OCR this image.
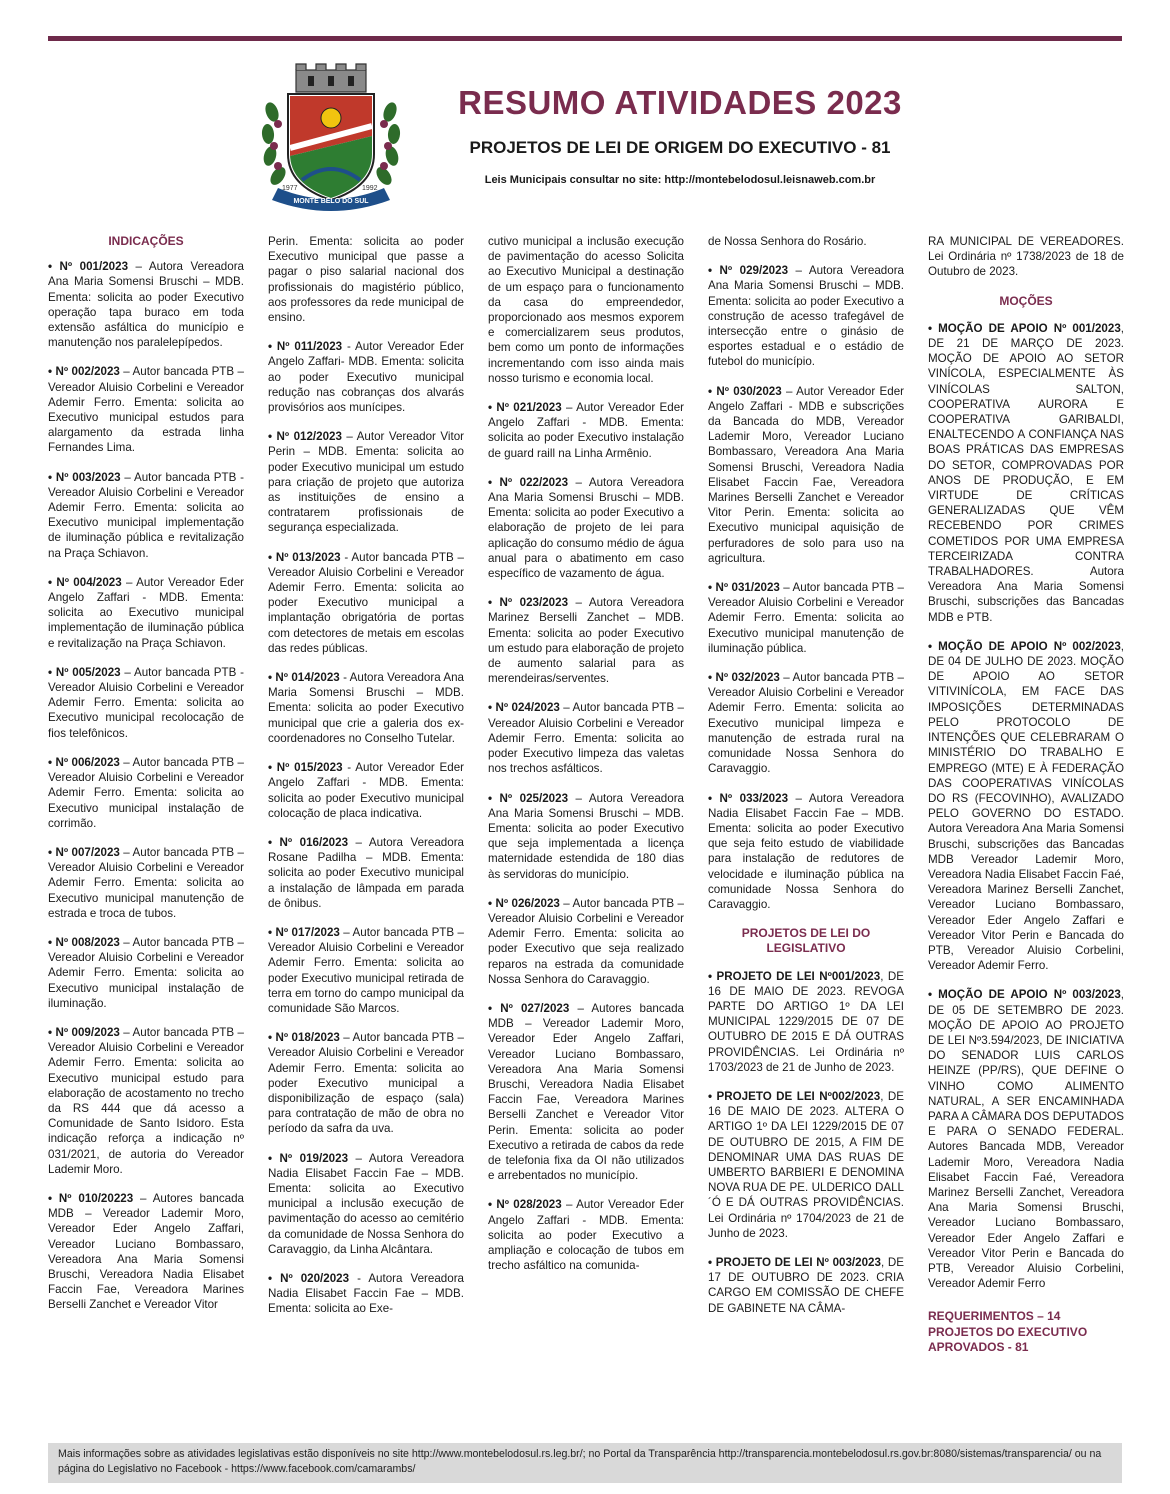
1977	1992
MONTE BELO DO SUL
RESUMO ATIVIDADES 2023
PROJETOS DE LEI DE ORIGEM DO EXECUTIVO - 81
Leis Municipais consultar no site: http://montebelodosul.leisnaweb.com.br
INDICAÇÕES
• Nº 001/2023 – Autora Vereadora Ana Maria Somensi Bruschi – MDB. Ementa: solicita ao poder Executivo operação tapa buraco em toda extensão asfáltica do município e manutenção nos paralelepípedos.
• Nº 002/2023 – Autor bancada PTB – Vereador Aluisio Corbelini e Vereador Ademir Ferro. Ementa: solicita ao Executivo municipal estudos para alargamento da estrada linha Fernandes Lima.
• Nº 003/2023 – Autor bancada PTB - Vereador Aluisio Corbelini e Vereador Ademir Ferro. Ementa: solicita ao Executivo municipal implementação de iluminação pública e revitalização na Praça Schiavon.
• Nº 004/2023 – Autor Vereador Eder Angelo Zaffari - MDB. Ementa: solicita ao Executivo municipal implementação de iluminação pública e revitalização na Praça Schiavon.
• Nº 005/2023 – Autor bancada PTB - Vereador Aluisio Corbelini e Vereador Ademir Ferro. Ementa: solicita ao Executivo municipal recolocação de fios telefônicos.
• Nº 006/2023 – Autor bancada PTB – Vereador Aluisio Corbelini e Vereador Ademir Ferro. Ementa: solicita ao Executivo municipal instalação de corrimão.
• Nº 007/2023 – Autor bancada PTB – Vereador Aluisio Corbelini e Vereador Ademir Ferro. Ementa: solicita ao Executivo municipal manutenção de estrada e troca de tubos.
• Nº 008/2023 – Autor bancada PTB – Vereador Aluisio Corbelini e Vereador Ademir Ferro. Ementa: solicita ao Executivo municipal instalação de iluminação.
• Nº 009/2023 – Autor bancada PTB – Vereador Aluisio Corbelini e Vereador Ademir Ferro. Ementa: solicita ao Executivo municipal estudo para elaboração de acostamento no trecho da RS 444 que dá acesso a Comunidade de Santo Isidoro. Esta indicação reforça a indicação nº 031/2021, de autoria do Vereador Lademir Moro.
• Nº 010/20223 – Autores bancada MDB – Vereador Lademir Moro, Vereador Eder Angelo Zaffari, Vereador Luciano Bombassaro, Vereadora Ana Maria Somensi Bruschi, Vereadora Nadia Elisabet Faccin Fae, Vereadora Marines Berselli Zanchet e Vereador Vitor
Perin. Ementa: solicita ao poder Executivo municipal que passe a pagar o piso salarial nacional dos profissionais do magistério público, aos professores da rede municipal de ensino.
• Nº 011/2023 - Autor Vereador Eder Angelo Zaffari- MDB. Ementa: solicita ao poder Executivo municipal redução nas cobranças dos alvarás provisórios aos munícipes.
• Nº 012/2023 – Autor Vereador Vitor Perin – MDB. Ementa: solicita ao poder Executivo municipal um estudo para criação de projeto que autoriza as instituições de ensino a contratarem profissionais de segurança especializada.
• Nº 013/2023 - Autor bancada PTB – Vereador Aluisio Corbelini e Vereador Ademir Ferro. Ementa: solicita ao poder Executivo municipal a implantação obrigatória de portas com detectores de metais em escolas das redes públicas.
• Nº 014/2023 - Autora Vereadora Ana Maria Somensi Bruschi – MDB. Ementa: solicita ao poder Executivo municipal que crie a galeria dos ex-coordenadores no Conselho Tutelar.
• Nº 015/2023 - Autor Vereador Eder Angelo Zaffari - MDB. Ementa: solicita ao poder Executivo municipal colocação de placa indicativa.
• Nº 016/2023 – Autora Vereadora Rosane Padilha – MDB. Ementa: solicita ao poder Executivo municipal a instalação de lâmpada em parada de ônibus.
• Nº 017/2023 – Autor bancada PTB – Vereador Aluisio Corbelini e Vereador Ademir Ferro. Ementa: solicita ao poder Executivo municipal retirada de terra em torno do campo municipal da comunidade São Marcos.
• Nº 018/2023 – Autor bancada PTB – Vereador Aluisio Corbelini e Vereador Ademir Ferro. Ementa: solicita ao poder Executivo municipal a disponibilização de espaço (sala) para contratação de mão de obra no período da safra da uva.
• Nº 019/2023 – Autora Vereadora Nadia Elisabet Faccin Fae – MDB. Ementa: solicita ao Executivo municipal a inclusão execução de pavimentação do acesso ao cemitério da comunidade de Nossa Senhora do Caravaggio, da Linha Alcântara.
• Nº 020/2023 - Autora Vereadora Nadia Elisabet Faccin Fae – MDB. Ementa: solicita ao Exe-
cutivo municipal a inclusão execução de pavimentação do acesso Solicita ao Executivo Municipal a destinação de um espaço para o funcionamento da casa do empreendedor, proporcionado aos mesmos exporem e comercializarem seus produtos, bem como um ponto de informações incrementando com isso ainda mais nosso turismo e economia local.
• Nº 021/2023 – Autor Vereador Eder Angelo Zaffari - MDB. Ementa: solicita ao poder Executivo instalação de guard raill na Linha Armênio.
• Nº 022/2023 – Autora Vereadora Ana Maria Somensi Bruschi – MDB. Ementa: solicita ao poder Executivo a elaboração de projeto de lei para aplicação do consumo médio de água anual para o abatimento em caso específico de vazamento de água.
• Nº 023/2023 – Autora Vereadora Marinez Berselli Zanchet – MDB. Ementa: solicita ao poder Executivo um estudo para elaboração de projeto de aumento salarial para as merendeiras/serventes.
• Nº 024/2023 – Autor bancada PTB – Vereador Aluisio Corbelini e Vereador Ademir Ferro. Ementa: solicita ao poder Executivo limpeza das valetas nos trechos asfálticos.
• Nº 025/2023 – Autora Vereadora Ana Maria Somensi Bruschi – MDB. Ementa: solicita ao poder Executivo que seja implementada a licença maternidade estendida de 180 dias às servidoras do município.
• Nº 026/2023 – Autor bancada PTB – Vereador Aluisio Corbelini e Vereador Ademir Ferro. Ementa: solicita ao poder Executivo que seja realizado reparos na estrada da comunidade Nossa Senhora do Caravaggio.
• Nº 027/2023 – Autores bancada MDB – Vereador Lademir Moro, Vereador Eder Angelo Zaffari, Vereador Luciano Bombassaro, Vereadora Ana Maria Somensi Bruschi, Vereadora Nadia Elisabet Faccin Fae, Vereadora Marines Berselli Zanchet e Vereador Vitor Perin. Ementa: solicita ao poder Executivo a retirada de cabos da rede de telefonia fixa da OI não utilizados e arrebentados no município.
• Nº 028/2023 – Autor Vereador Eder Angelo Zaffari - MDB. Ementa: solicita ao poder Executivo a ampliação e colocação de tubos em trecho asfáltico na comunida-
de Nossa Senhora do Rosário.
• Nº 029/2023 – Autora Vereadora Ana Maria Somensi Bruschi – MDB. Ementa: solicita ao poder Executivo a construção de acesso trafegável de intersecção entre o ginásio de esportes estadual e o estádio de futebol do município.
• Nº 030/2023 – Autor Vereador Eder Angelo Zaffari - MDB e subscrições da Bancada do MDB, Vereador Lademir Moro, Vereador Luciano Bombassaro, Vereadora Ana Maria Somensi Bruschi, Vereadora Nadia Elisabet Faccin Fae, Vereadora Marines Berselli Zanchet e Vereador Vitor Perin. Ementa: solicita ao Executivo municipal aquisição de perfuradores de solo para uso na agricultura.
• Nº 031/2023 – Autor bancada PTB – Vereador Aluisio Corbelini e Vereador Ademir Ferro. Ementa: solicita ao Executivo municipal manutenção de iluminação pública.
• Nº 032/2023 – Autor bancada PTB – Vereador Aluisio Corbelini e Vereador Ademir Ferro. Ementa: solicita ao Executivo municipal limpeza e manutenção de estrada rural na comunidade Nossa Senhora do Caravaggio.
• Nº 033/2023 – Autora Vereadora Nadia Elisabet Faccin Fae – MDB. Ementa: solicita ao poder Executivo que seja feito estudo de viabilidade para instalação de redutores de velocidade e iluminação pública na comunidade Nossa Senhora do Caravaggio.
PROJETOS DE LEI DO LEGISLATIVO
• PROJETO DE LEI Nº001/2023, DE 16 DE MAIO DE 2023. REVOGA PARTE DO ARTIGO 1º DA LEI MUNICIPAL 1229/2015 DE 07 DE OUTUBRO DE 2015 E DÁ OUTRAS PROVIDÊNCIAS. Lei Ordinária nº 1703/2023 de 21 de Junho de 2023.
• PROJETO DE LEI Nº002/2023, DE 16 DE MAIO DE 2023. ALTERA O ARTIGO 1º DA LEI 1229/2015 DE 07 DE OUTUBRO DE 2015, A FIM DE DENOMINAR UMA DAS RUAS DE UMBERTO BARBIERI E DENOMINA NOVA RUA DE PE. ULDERICO DALL´Ó E DÁ OUTRAS PROVIDÊNCIAS. Lei Ordinária nº 1704/2023 de 21 de Junho de 2023.
• PROJETO DE LEI Nº 003/2023, DE 17 DE OUTUBRO DE 2023. CRIA CARGO EM COMISSÃO DE CHEFE DE GABINETE NA CÂMA-
RA MUNICIPAL DE VEREADORES. Lei Ordinária nº 1738/2023 de 18 de Outubro de 2023.
MOÇÕES
• MOÇÃO DE APOIO Nº 001/2023, DE 21 DE MARÇO DE 2023. MOÇÃO DE APOIO AO SETOR VINÍCOLA, ESPECIALMENTE ÀS VINÍCOLAS SALTON, COOPERATIVA AURORA E COOPERATIVA GARIBALDI, ENALTECENDO A CONFIANÇA NAS BOAS PRÁTICAS DAS EMPRESAS DO SETOR, COMPROVADAS POR ANOS DE PRODUÇÃO, E EM VIRTUDE DE CRÍTICAS GENERALIZADAS QUE VÊM RECEBENDO POR CRIMES COMETIDOS POR UMA EMPRESA TERCEIRIZADA CONTRA TRABALHADORES. Autora Vereadora Ana Maria Somensi Bruschi, subscrições das Bancadas MDB e PTB.
• MOÇÃO DE APOIO Nº 002/2023, DE 04 DE JULHO DE 2023. MOÇÃO DE APOIO AO SETOR VITIVINÍCOLA, EM FACE DAS IMPOSIÇÕES DETERMINADAS PELO PROTOCOLO DE INTENÇÕES QUE CELEBRARAM O MINISTÉRIO DO TRABALHO E EMPREGO (MTE) E À FEDERAÇÃO DAS COOPERATIVAS VINÍCOLAS DO RS (FECOVINHO), AVALIZADO PELO GOVERNO DO ESTADO. Autora Vereadora Ana Maria Somensi Bruschi, subscrições das Bancadas MDB Vereador Lademir Moro, Vereadora Nadia Elisabet Faccin Faé, Vereadora Marinez Berselli Zanchet, Vereador Luciano Bombassaro, Vereador Eder Angelo Zaffari e Vereador Vitor Perin e Bancada do PTB, Vereador Aluisio Corbelini, Vereador Ademir Ferro.
• MOÇÃO DE APOIO Nº 003/2023, DE 05 DE SETEMBRO DE 2023. MOÇÃO DE APOIO AO PROJETO DE LEI Nº3.594/2023, DE INICIATIVA DO SENADOR LUIS CARLOS HEINZE (PP/RS), QUE DEFINE O VINHO COMO ALIMENTO NATURAL, A SER ENCAMINHADA PARA A CÂMARA DOS DEPUTADOS E PARA O SENADO FEDERAL. Autores Bancada MDB, Vereador Lademir Moro, Vereadora Nadia Elisabet Faccin Faé, Vereadora Marinez Berselli Zanchet, Vereadora Ana Maria Somensi Bruschi, Vereador Luciano Bombassaro, Vereador Eder Angelo Zaffari e Vereador Vitor Perin e Bancada do PTB, Vereador Aluisio Corbelini, Vereador Ademir Ferro
REQUERIMENTOS – 14
PROJETOS DO EXECUTIVO
APROVADOS - 81
Mais informações sobre as atividades legislativas estão disponíveis no site http://www.montebelodosul.rs.leg.br/; no Portal da Transparência http://transparencia.montebelodosul.rs.gov.br:8080/sistemas/transparencia/ ou na página do Legislativo no Facebook - https://www.facebook.com/camarambs/
